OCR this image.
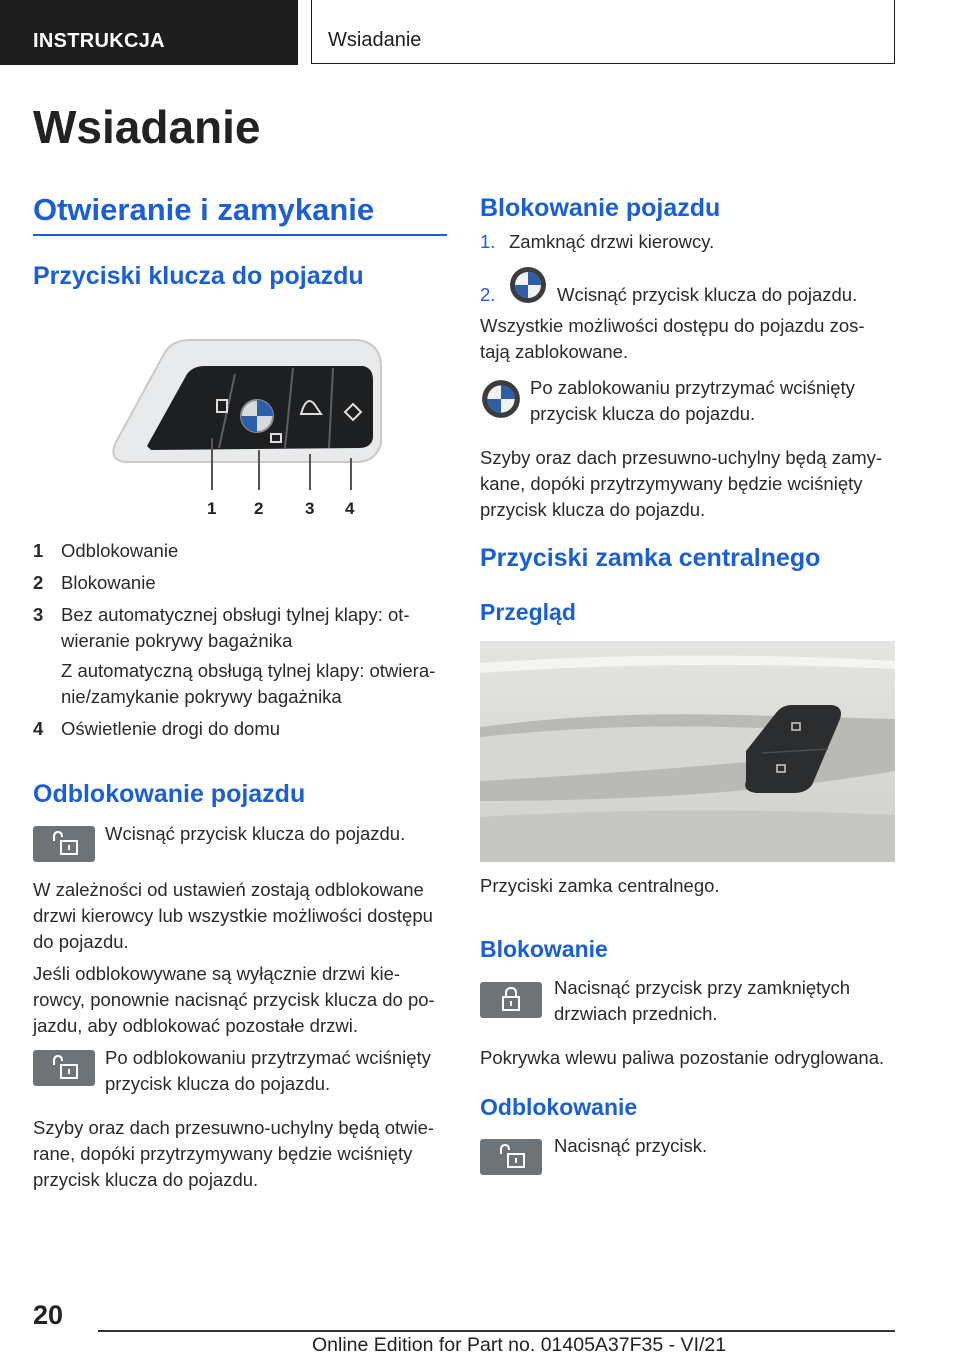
INSTRUKCJA	Wsiadanie
Wsiadanie
Otwieranie i zamykanie
Przyciski klucza do pojazdu
1 2 3 4
1 Odblokowanie
2 Blokowanie
3 Bez automatycznej obsługi tylnej klapy: ot-
wieranie pokrywy bagażnika
Z automatyczną obsługą tylnej klapy: otwiera-
nie/zamykanie pokrywy bagażnika
4 Oświetlenie drogi do domu
Odblokowanie pojazdu
Wcisnąć przycisk klucza do pojazdu.
W zależności od ustawień zostają odblokowane
drzwi kierowcy lub wszystkie możliwości dostępu
do pojazdu.
Jeśli odblokowywane są wyłącznie drzwi kie-
rowcy, ponownie nacisnąć przycisk klucza do po-
jazdu, aby odblokować pozostałe drzwi.
Po odblokowaniu przytrzymać wciśnięty
przycisk klucza do pojazdu.
Szyby oraz dach przesuwno-uchylny będą otwie-
rane, dopóki przytrzymywany będzie wciśnięty
przycisk klucza do pojazdu.
Blokowanie pojazdu
1. Zamknąć drzwi kierowcy.
2.	Wcisnąć przycisk klucza do pojazdu.
Wszystkie możliwości dostępu do pojazdu zos-
tają zablokowane.
Po zablokowaniu przytrzymać wciśnięty
przycisk klucza do pojazdu.
Szyby oraz dach przesuwno-uchylny będą zamy-
kane, dopóki przytrzymywany będzie wciśnięty
przycisk klucza do pojazdu.
Przyciski zamka centralnego
Przegląd
Przyciski zamka centralnego.
Blokowanie
Nacisnąć przycisk przy zamkniętych
drzwiach przednich.
Pokrywka wlewu paliwa pozostanie odryglowana.
Odblokowanie
Nacisnąć przycisk.
20
Online Edition for Part no. 01405A37F35 - VI/21
